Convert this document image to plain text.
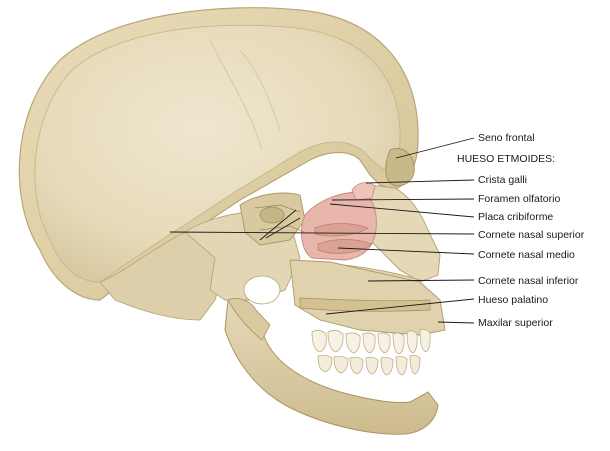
Seno frontal
HUESO ETMOIDES:
Crista galli
Foramen olfatorio
Placa cribiforme
Cornete nasal superior
Cornete nasal medio
Cornete nasal inferior
Hueso palatino
Maxilar superior
